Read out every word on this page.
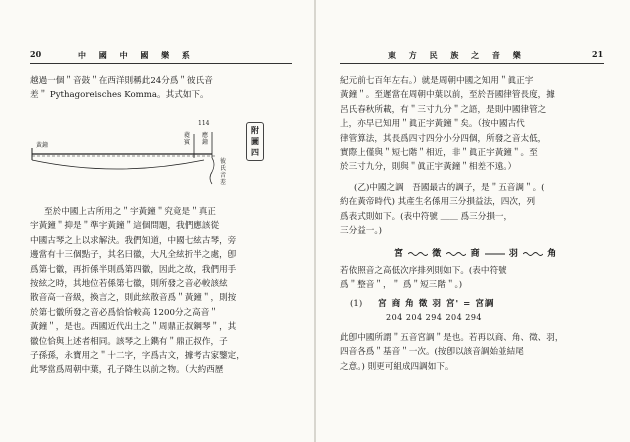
20	中 國 中 國 樂 系
越過一個＂音鼓＂在西洋則稱此24分爲＂彼氏音
差＂ Pythagoreisches Komma。其式如下。
黃鐘
114
蕤賓
應鐘
彼氏音差
附圖四
至於中國上古所用之＂宇黃鐘＂究竟是＂真正
宇黃鐘＂抑是＂準宇黃鐘＂這個問題，我們應該從
中國古琴之上以求解決。我們知道，中國七絃古琴，旁
邊當有十三個點子，其名曰徽，大凡全絃折半之處，卽
爲第七徽，再折係半則爲第四徽，因此之故，我們用手
按絃之時，其地位若係第七徽，則所發之音必較該絃
散音高一音級，換言之，則此絃散音爲＂黃鐘＂，則按
於第七徽所發之音必爲恰恰較高 1200分之高音＂
黃鐘＂，是也。西國近代出土之＂周鼎正叔鋼琴＂，其
徽位恰與上述者相同。該琴之上鐫有＂鼎正叔作，子
子孫孫，永寶用之＂十二字，字爲古文，據考古家鑒定，
此琴當爲周朝中葉，孔子降生以前之物。（大約西歷
東 方 民 族 之 音 樂	21
紀元前七百年左右。）就是周朝中國之知用＂眞正宇
黃鐘＂。至遲當在周朝中葉以前，至於吾國律管長度，據
呂氏春秋所載，有＂三寸九分＂之語，是則中國律管之
上，亦早已知用＂眞正宇黃鐘＂矣。（按中國古代
律管算法，其長爲四寸四分小分四個，所發之音太低，
實際上僅與＂短七階＂相近，非＂眞正宇黃鐘＂。至
於三寸九分，則與＂眞正宇黃鐘＂相差不遠。）
(乙)中國之調　吾國最古的調子，是＂五音調＂。(
約在黃帝時代) 其產生名係用三分損益法，四次，列
爲表式則如下。(表中符號 ＿＿ 爲三分損一，
三分益一。)
宮	徵	商	羽	角
若依照音之高低次序排列則如下。(表中符號
爲＂整音＂，＂ 爲＂短三階＂。)
(1) 宮 商 角 徵 羽 宮' = 宮調
204 204 294 204 294
此卽中國所謂＂五音宮調＂是也。若再以商、角、徵、羽，
四音各爲＂基音＂一次。(按卽以該音調始並結尾
之意。) 則更可組成四調如下。
